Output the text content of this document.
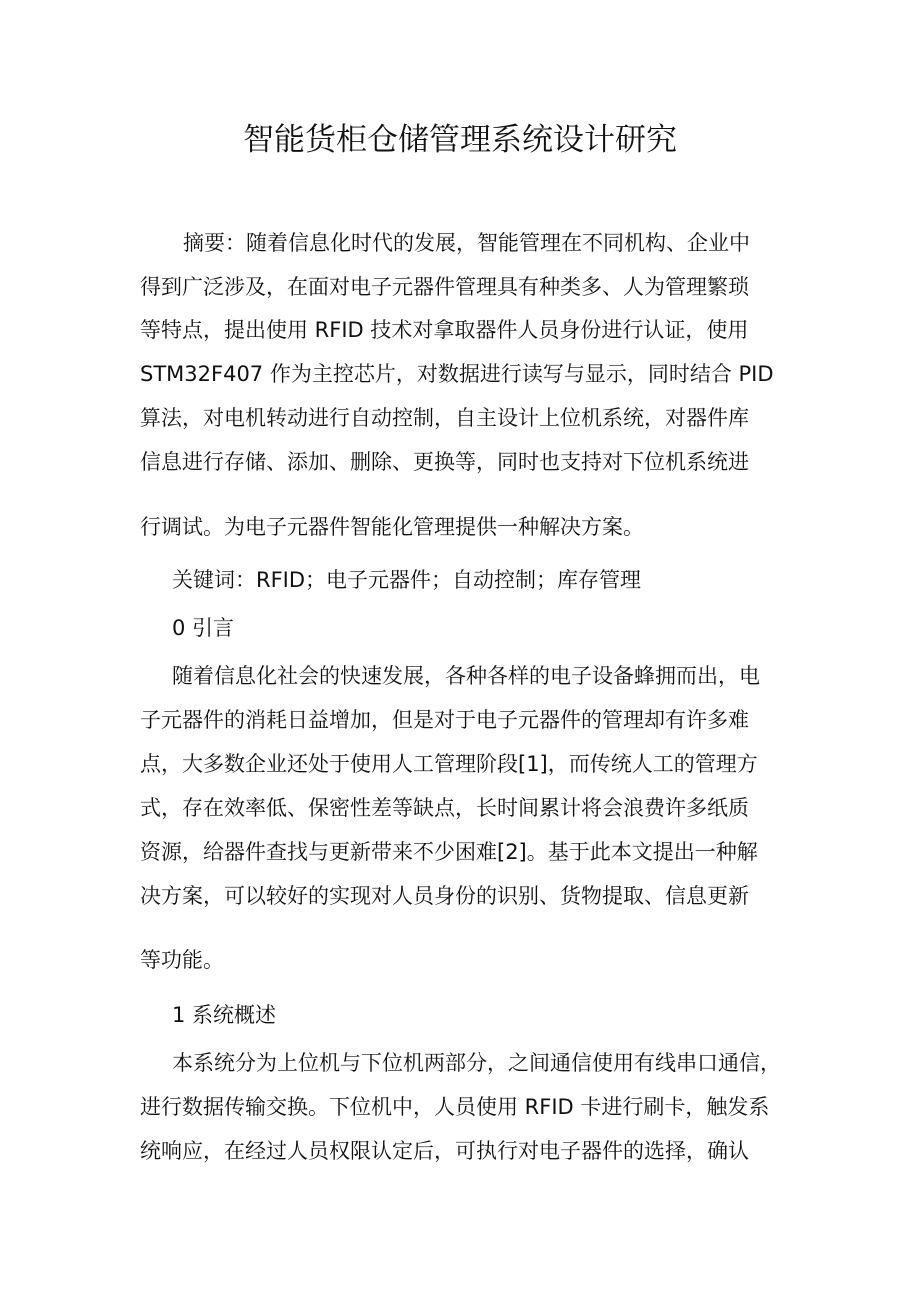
智能货柜仓储管理系统设计研究
摘要：随着信息化时代的发展，智能管理在不同机构、企业中
得到广泛涉及，在面对电子元器件管理具有种类多、人为管理繁琐
等特点，提出使用 RFID 技术对拿取器件人员身份进行认证，使用
STM32F407 作为主控芯片，对数据进行读写与显示，同时结合 PID
算法，对电机转动进行自动控制，自主设计上位机系统，对器件库
信息进行存储、添加、删除、更换等，同时也支持对下位机系统进
行调试。为电子元器件智能化管理提供一种解决方案。
关键词：RFID；电子元器件；自动控制；库存管理
0 引言
随着信息化社会的快速发展，各种各样的电子设备蜂拥而出，电
子元器件的消耗日益增加，但是对于电子元器件的管理却有许多难
点，大多数企业还处于使用人工管理阶段[1]，而传统人工的管理方
式，存在效率低、保密性差等缺点，长时间累计将会浪费许多纸质
资源，给器件查找与更新带来不少困难[2]。基于此本文提出一种解
决方案，可以较好的实现对人员身份的识别、货物提取、信息更新
等功能。
1 系统概述
本系统分为上位机与下位机两部分，之间通信使用有线串口通信，
进行数据传输交换。下位机中，人员使用 RFID 卡进行刷卡，触发系
统响应，在经过人员权限认定后，可执行对电子器件的选择，确认
